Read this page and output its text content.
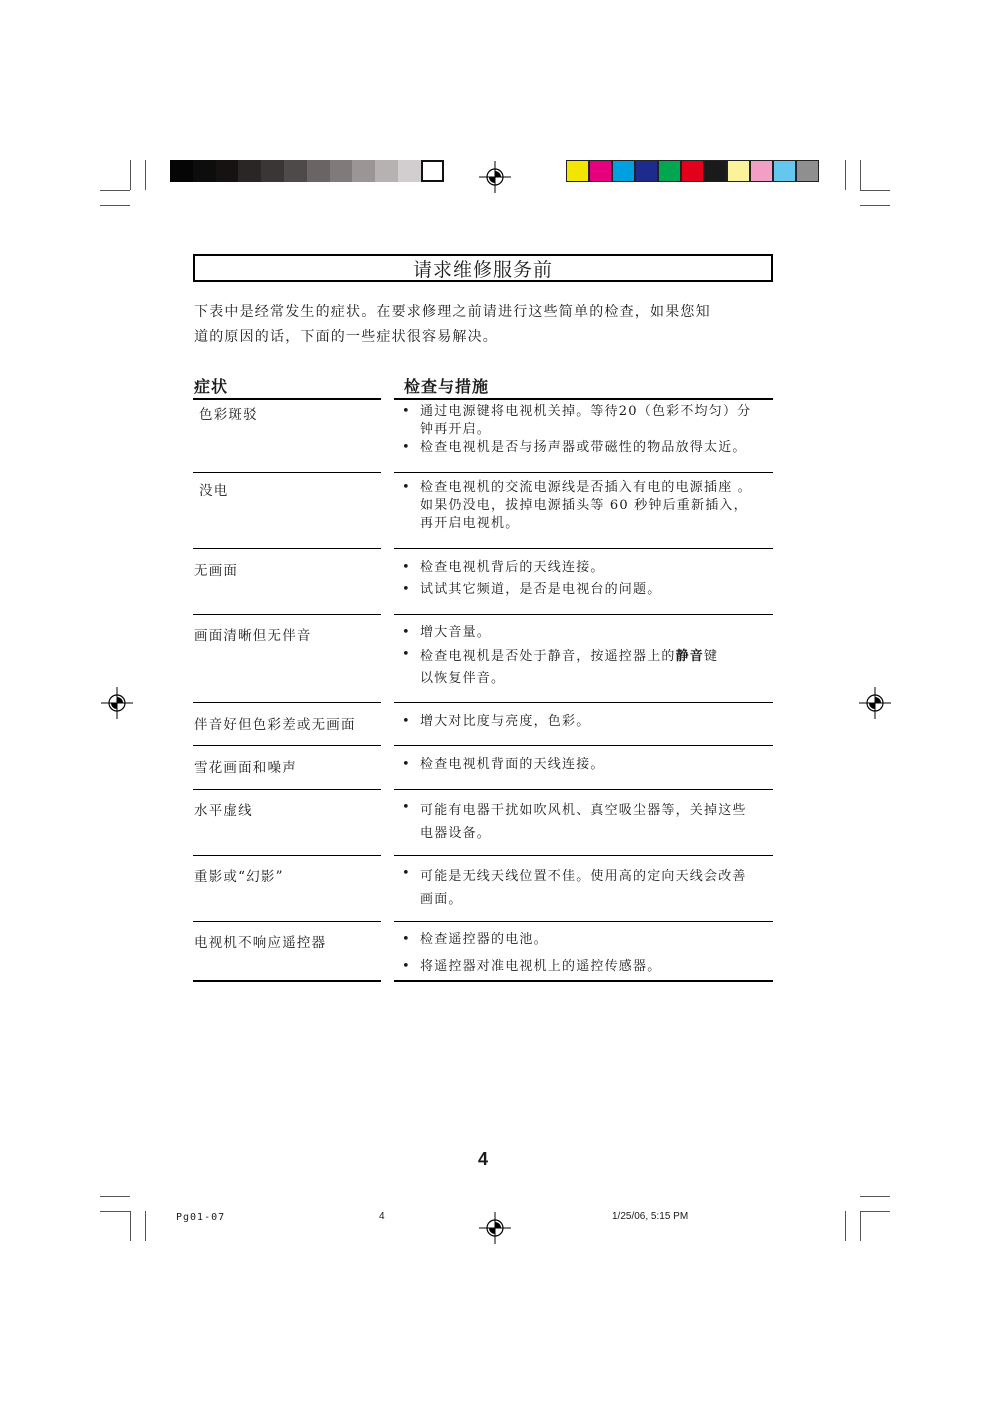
请求维修服务前
下表中是经常发生的症状。在要求修理之前请进行这些简单的检查，如果您知
道的原因的话，下面的一些症状很容易解决。
症状	检查与措施
色彩斑驳	• 通过电源键将电视机关掉。等待20（色彩不均匀）分
钟再开启。
• 检查电视机是否与扬声器或带磁性的物品放得太近。
没电	• 检查电视机的交流电源线是否插入有电的电源插座 。
如果仍没电，拔掉电源插头等 60 秒钟后重新插入，
再开启电视机。
无画面	• 检查电视机背后的天线连接。
• 试试其它频道，是否是电视台的问题。
画面清晰但无伴音	• 增大音量。
• 检查电视机是否处于静音，按遥控器上的静音键
以恢复伴音。
伴音好但色彩差或无画面	• 增大对比度与亮度，色彩。
雪花画面和噪声	• 检查电视机背面的天线连接。
水平虚线	• 可能有电器干扰如吹风机、真空吸尘器等，关掉这些
电器设备。
重影或“幻影”	• 可能是无线天线位置不佳。使用高的定向天线会改善
画面。
电视机不响应遥控器	• 检查遥控器的电池。
• 将遥控器对准电视机上的遥控传感器。
4
Pg01-07	4	1/25/06, 5:15 PM
